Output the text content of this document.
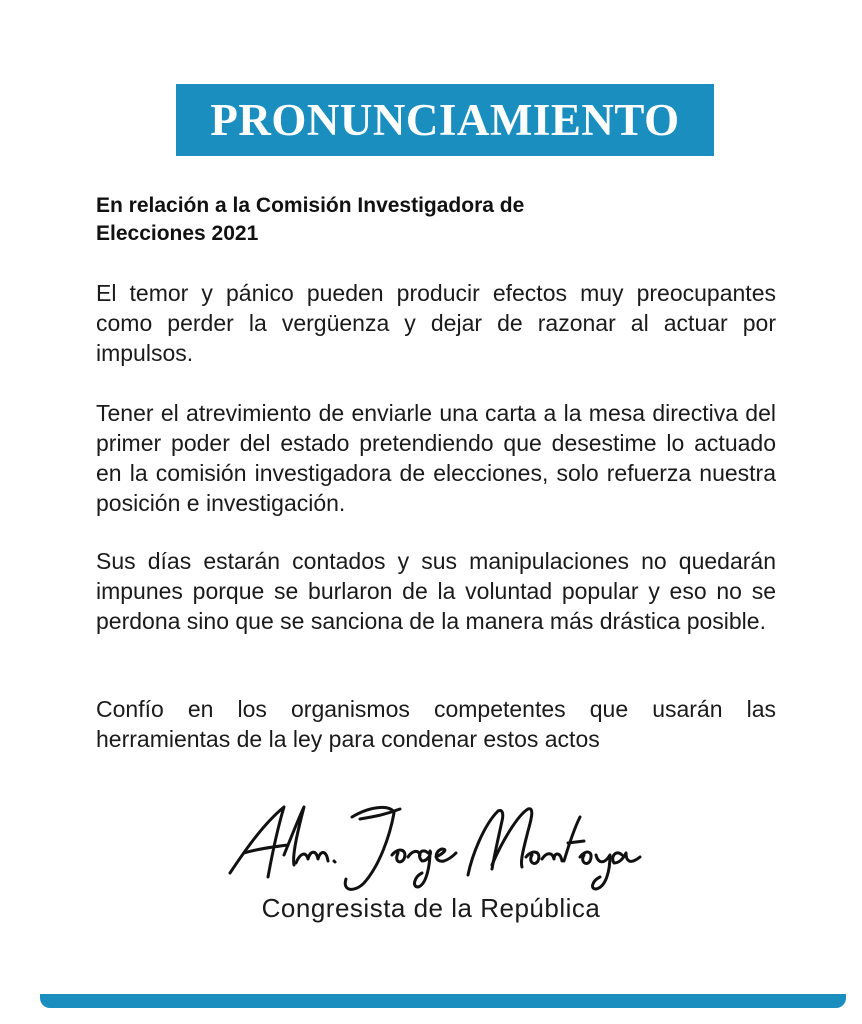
PRONUNCIAMIENTO
En relación a la Comisión Investigadora de
Elecciones 2021

El temor y pánico pueden producir efectos muy preocupantes como perder la vergüenza y dejar de razonar al actuar por impulsos.

Tener el atrevimiento de enviarle una carta a la mesa directiva del primer poder del estado pretendiendo que desestime lo actuado en la comisión investigadora de elecciones, solo refuerza nuestra posición e investigación.

Sus días estarán contados y sus manipulaciones no quedarán impunes porque se burlaron de la voluntad popular y eso no se perdona sino que se sanciona de la manera más drástica posible.

Confío en los organismos competentes que usarán las herramientas de la ley para condenar estos actos

Congresista de la República
